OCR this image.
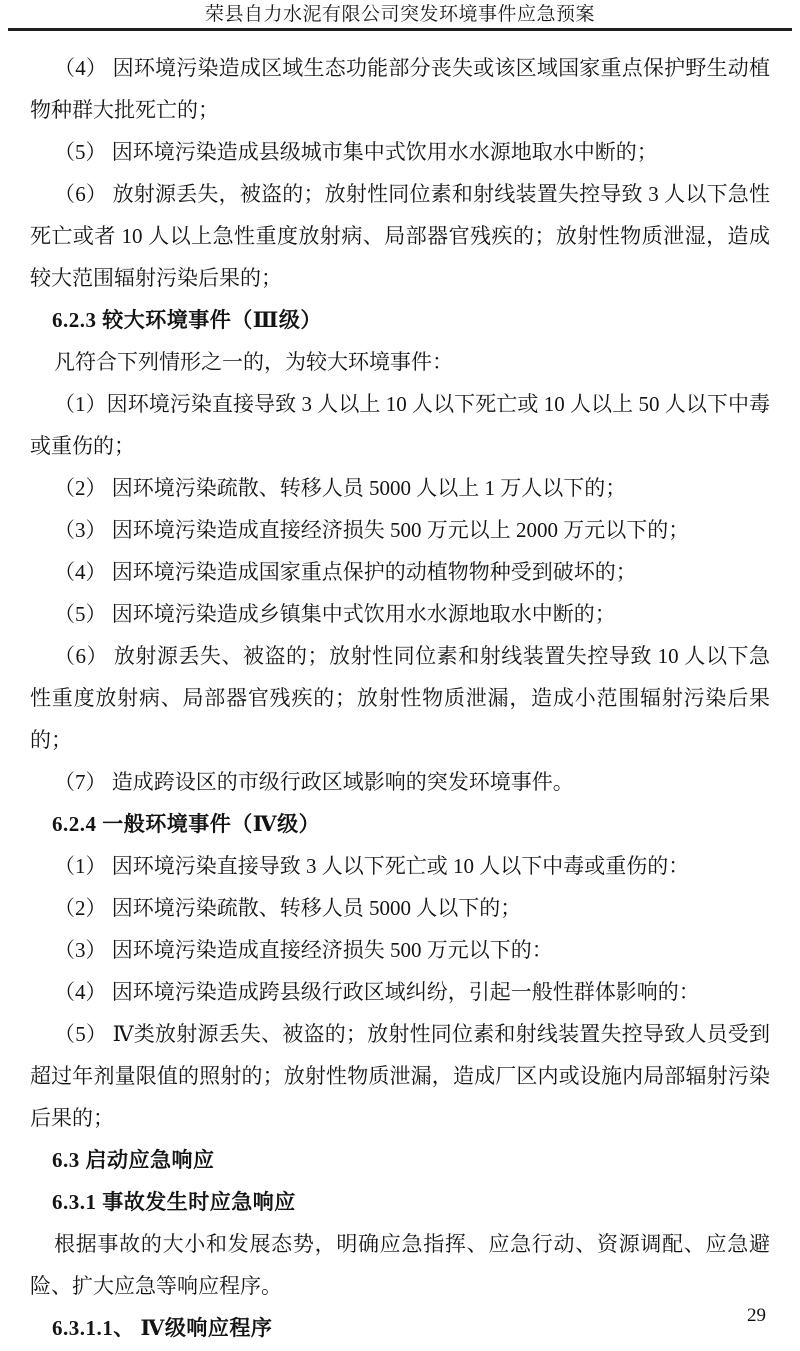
荣县自力水泥有限公司突发环境事件应急预案

（4） 因环境污染造成区域生态功能部分丧失或该区域国家重点保护野生动植物种群大批死亡的；

（5） 因环境污染造成县级城市集中式饮用水水源地取水中断的；

（6） 放射源丢失，被盗的；放射性同位素和射线装置失控导致 3 人以下急性死亡或者 10 人以上急性重度放射病、局部器官残疾的；放射性物质泄湿，造成较大范围辐射污染后果的；

6.2.3 较大环境事件（Ⅲ级）

凡符合下列情形之一的，为较大环境事件：

（1）因环境污染直接导致 3 人以上 10 人以下死亡或 10 人以上 50 人以下中毒或重伤的；

（2） 因环境污染疏散、转移人员 5000 人以上 1 万人以下的；

（3） 因环境污染造成直接经济损失 500 万元以上 2000 万元以下的；

（4） 因环境污染造成国家重点保护的动植物物种受到破坏的；

（5） 因环境污染造成乡镇集中式饮用水水源地取水中断的；

（6） 放射源丢失、被盗的；放射性同位素和射线装置失控导致 10 人以下急性重度放射病、局部器官残疾的；放射性物质泄漏，造成小范围辐射污染后果的；

（7） 造成跨设区的市级行政区域影响的突发环境事件。

6.2.4 一般环境事件（Ⅳ级）

（1） 因环境污染直接导致 3 人以下死亡或 10 人以下中毒或重伤的：

（2） 因环境污染疏散、转移人员 5000 人以下的；

（3） 因环境污染造成直接经济损失 500 万元以下的：

（4） 因环境污染造成跨县级行政区域纠纷，引起一般性群体影响的：

（5） Ⅳ类放射源丢失、被盗的；放射性同位素和射线装置失控导致人员受到超过年剂量限值的照射的；放射性物质泄漏，造成厂区内或设施内局部辐射污染后果的；

6.3 启动应急响应

6.3.1 事故发生时应急响应

根据事故的大小和发展态势，明确应急指挥、应急行动、资源调配、应急避险、扩大应急等响应程序。

6.3.1.1、 Ⅳ级响应程序

29
